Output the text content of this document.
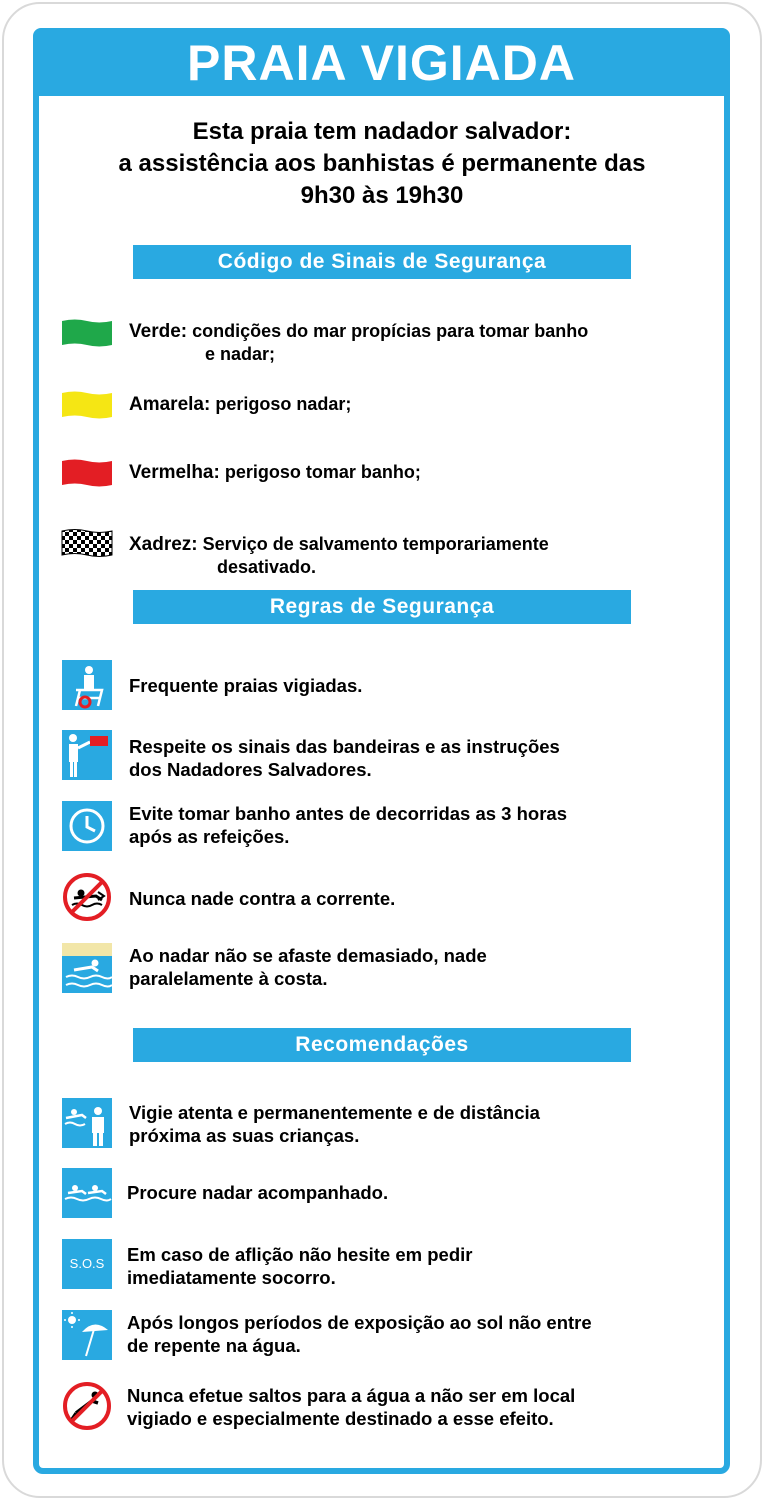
PRAIA VIGIADA
Esta praia tem nadador salvador:
a assistência aos banhistas é permanente das
9h30 às 19h30
Código de Sinais de Segurança
Verde: condições do mar propícias para tomar banho
e nadar;
Amarela: perigoso nadar;
Vermelha: perigoso tomar banho;
Xadrez: Serviço de salvamento temporariamente
desativado.
Regras de Segurança
Frequente praias vigiadas.
Respeite os sinais das bandeiras e as instruções
dos Nadadores Salvadores.
Evite tomar banho antes de decorridas as 3 horas
após as refeições.
Nunca nade contra a corrente.
Ao nadar não se afaste demasiado, nade
paralelamente à costa.
Recomendações
Vigie atenta e permanentemente e de distância
próxima as suas crianças.
Procure nadar acompanhado.
S.O.S	Em caso de aflição não hesite em pedir
imediatamente socorro.
Após longos períodos de exposição ao sol não entre
de repente na água.
Nunca efetue saltos para a água a não ser em local
vigiado e especialmente destinado a esse efeito.
